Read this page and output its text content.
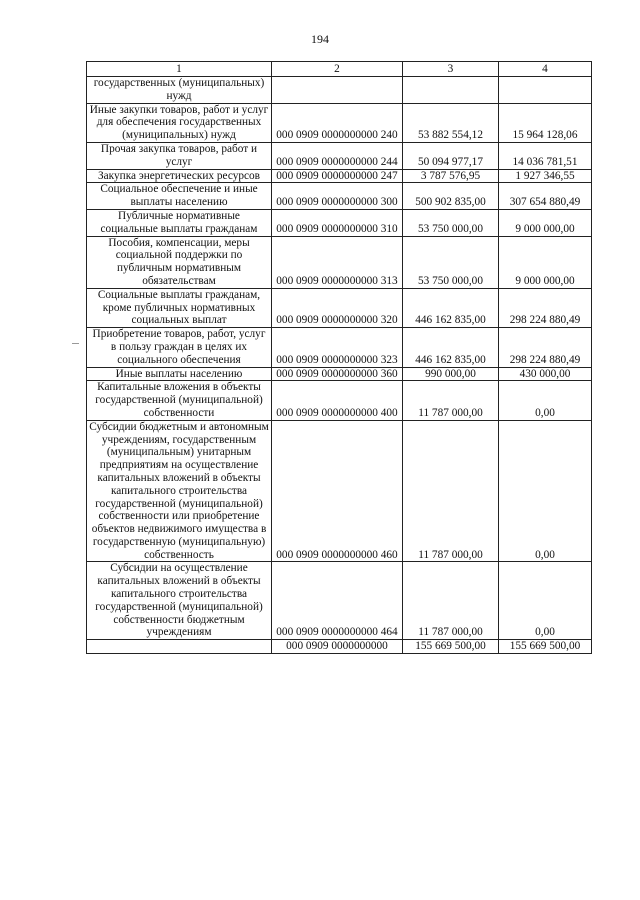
194
1	2	3	4
государственных (муниципальных) нужд			
Иные закупки товаров, работ и услуг для обеспечения государственных (муниципальных) нужд	000 0909 0000000000 240	53 882 554,12	15 964 128,06
Прочая закупка товаров, работ и услуг	000 0909 0000000000 244	50 094 977,17	14 036 781,51
Закупка энергетических ресурсов	000 0909 0000000000 247	3 787 576,95	1 927 346,55
Социальное обеспечение и иные выплаты населению	000 0909 0000000000 300	500 902 835,00	307 654 880,49
Публичные нормативные социальные выплаты гражданам	000 0909 0000000000 310	53 750 000,00	9 000 000,00
Пособия, компенсации, меры социальной поддержки по публичным нормативным обязательствам	000 0909 0000000000 313	53 750 000,00	9 000 000,00
Социальные выплаты гражданам, кроме публичных нормативных социальных выплат	000 0909 0000000000 320	446 162 835,00	298 224 880,49
Приобретение товаров, работ, услуг в пользу граждан в целях их социального обеспечения	000 0909 0000000000 323	446 162 835,00	298 224 880,49
Иные выплаты населению	000 0909 0000000000 360	990 000,00	430 000,00
Капитальные вложения в объекты государственной (муниципальной) собственности	000 0909 0000000000 400	11 787 000,00	0,00
Субсидии бюджетным и автономным учреждениям, государственным (муниципальным) унитарным предприятиям на осуществление капитальных вложений в объекты капитального строительства государственной (муниципальной) собственности или приобретение объектов недвижимого имущества в государственную (муниципальную) собственность	000 0909 0000000000 460	11 787 000,00	0,00
Субсидии на осуществление капитальных вложений в объекты капитального строительства государственной (муниципальной) собственности бюджетным учреждениям	000 0909 0000000000 464	11 787 000,00	0,00
	000 0909 0000000000	155 669 500,00	155 669 500,00
